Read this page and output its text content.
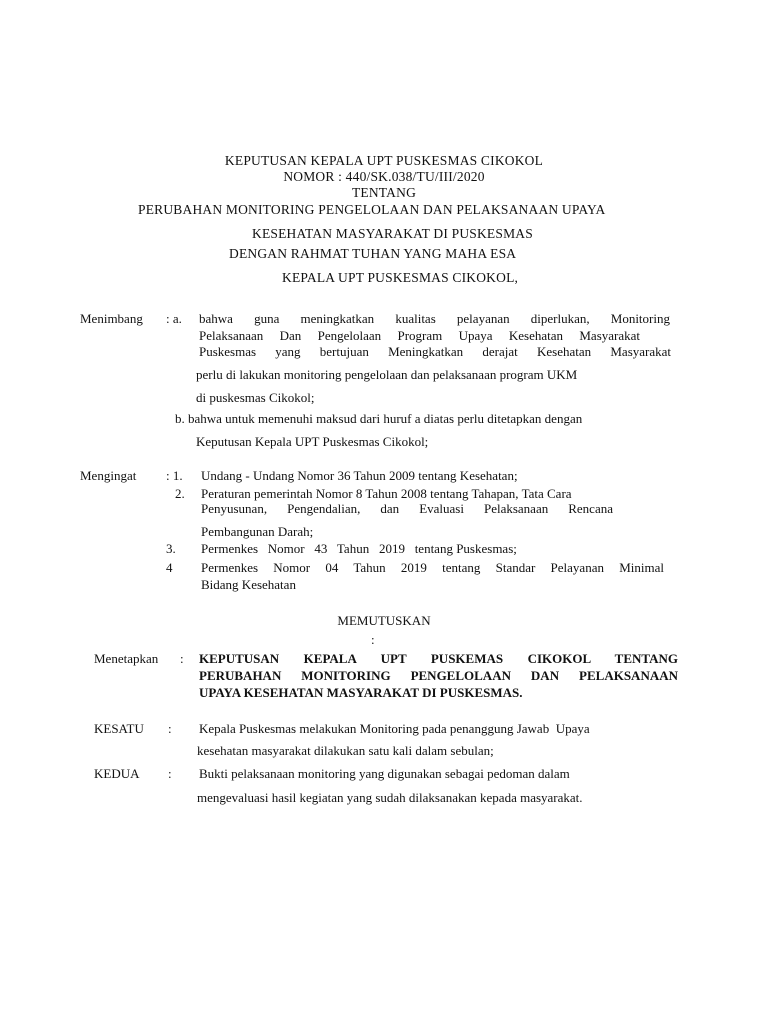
KEPUTUSAN KEPALA UPT PUSKESMAS CIKOKOL
NOMOR : 440/SK.038/TU/III/2020
TENTANG
PERUBAHAN MONITORING PENGELOLAAN DAN PELAKSANAAN UPAYA
KESEHATAN MASYARAKAT DI PUSKESMAS
DENGAN RAHMAT TUHAN YANG MAHA ESA
KEPALA UPT PUSKESMAS CIKOKOL,
Menimbang : a. bahwa guna meningkatkan kualitas pelayanan diperlukan, Monitoring
Pelaksanaan Dan Pengelolaan Program Upaya Kesehatan Masyarakat
Puskesmas yang bertujuan Meningkatkan derajat Kesehatan Masyarakat
perlu di lakukan monitoring pengelolaan dan pelaksanaan program UKM
di puskesmas Cikokol;
b. bahwa untuk memenuhi maksud dari huruf a diatas perlu ditetapkan dengan
Keputusan Kepala UPT Puskesmas Cikokol;
Mengingat : 1. Undang - Undang Nomor 36 Tahun 2009 tentang Kesehatan;
2. Peraturan pemerintah Nomor 8 Tahun 2008 tentang Tahapan, Tata Cara
Penyusunan, Pengendalian, dan Evaluasi Pelaksanaan Rencana
Pembangunan Darah;
3. Permenkes   Nomor   43   Tahun   2019   tentang Puskesmas;
4 Permenkes Nomor 04 Tahun 2019 tentang Standar Pelayanan Minimal
Bidang Kesehatan
MEMUTUSKAN
:
Menetapkan : KEPUTUSAN KEPALA UPT PUSKEMAS CIKOKOL TENTANG
PERUBAHAN MONITORING PENGELOLAAN DAN PELAKSANAAN
UPAYA KESEHATAN MASYARAKAT DI PUSKESMAS.
KESATU : Kepala Puskesmas melakukan Monitoring pada penanggung Jawab  Upaya
kesehatan masyarakat dilakukan satu kali dalam sebulan;
KEDUA : Bukti pelaksanaan monitoring yang digunakan sebagai pedoman dalam
mengevaluasi hasil kegiatan yang sudah dilaksanakan kepada masyarakat.
